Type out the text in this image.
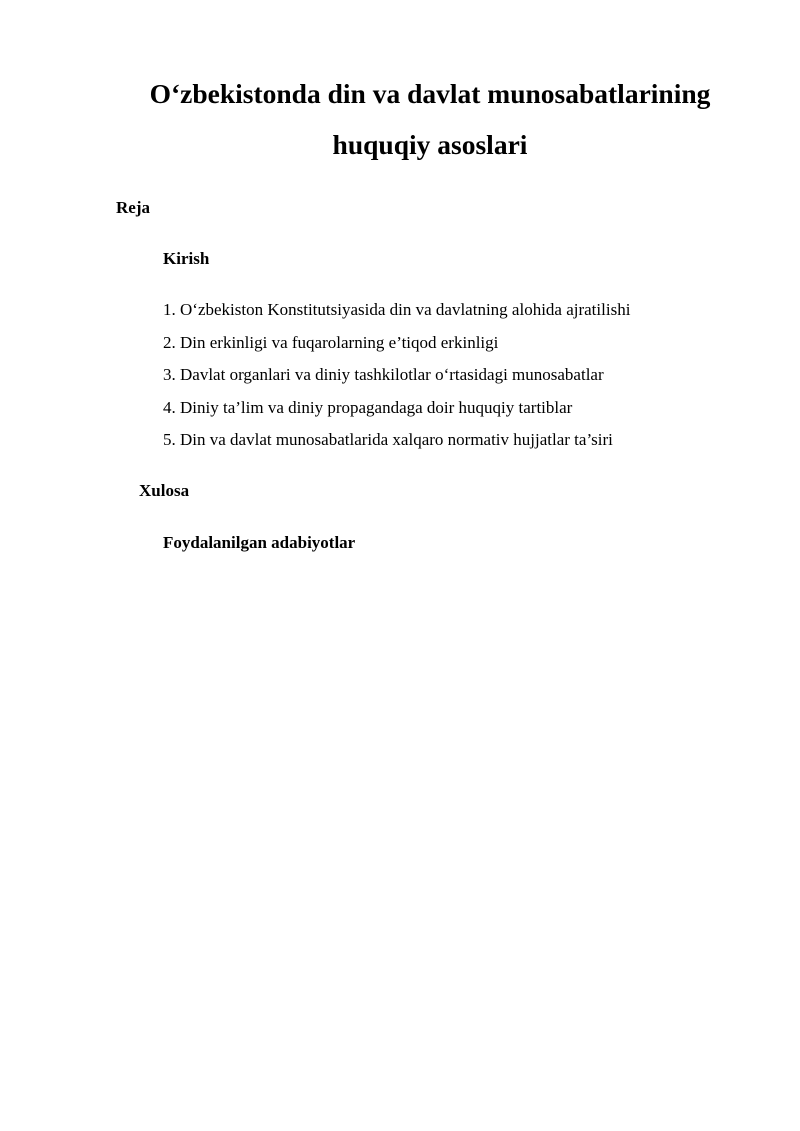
O‘zbekistonda din va davlat munosabatlarining
huquqiy asoslari
Reja
Kirish
1. O‘zbekiston Konstitutsiyasida din va davlatning alohida ajratilishi
2. Din erkinligi va fuqarolarning e’tiqod erkinligi
3. Davlat organlari va diniy tashkilotlar o‘rtasidagi munosabatlar
4. Diniy ta’lim va diniy propagandaga doir huquqiy tartiblar
5. Din va davlat munosabatlarida xalqaro normativ hujjatlar ta’siri
Xulosa
Foydalanilgan adabiyotlar
